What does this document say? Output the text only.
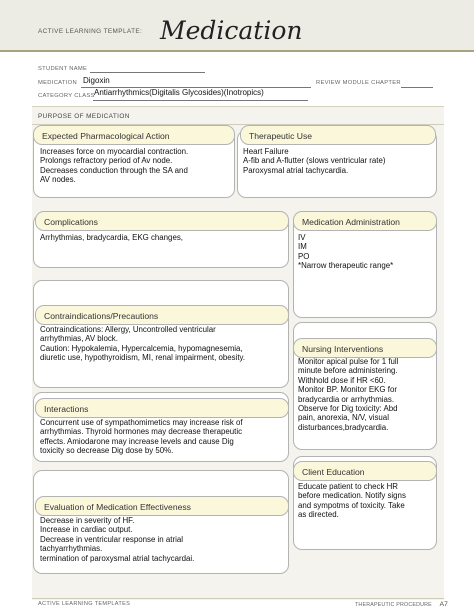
ACTIVE LEARNING TEMPLATE: Medication
STUDENT NAME
MEDICATION Digoxin	REVIEW MODULE CHAPTER
CATEGORY CLASS Antiarrhythmics(Digitalis Glycosides)(Inotropics)
PURPOSE OF MEDICATION
Expected Pharmacological Action
Increases force on myocardial contraction.
Prolongs refractory period of Av node.
Decreases conduction through the SA and
AV nodes.
Therapeutic Use
Heart Failure
A-fib and A-flutter (slows ventricular rate)
Paroxysmal atrial tachycardia.
Complications
Arrhythmias, bradycardia, EKG changes,
Medication Administration
IV
IM
PO
*Narrow therapeutic range*
Contraindications/Precautions
Contraindications: Allergy, Uncontrolled ventricular
arrhythmias, AV block.
Caution: Hypokalemia, Hypercalcemia, hypomagnesemia,
diuretic use, hypothyroidism, MI, renal impairment, obesity.
Nursing Interventions
Monitor apical pulse for 1 full
minute before administering.
Withhold dose if HR <60.
Monitor BP. Monitor EKG for
bradycardia or arrhythmias.
Observe for Dig toxicity: Abd
pain, anorexia, N/V, visual
disturbances,bradycardia.
Interactions
Concurrent use of sympathomimetics may increase risk of
arrhythmias. Thyroid hormones may decrease therapeutic
effects. Amiodarone may increase levels and cause Dig
toxicity so decrease Dig dose by 50%.
Client Education
Educate patient to check HR
before medication. Notify signs
and sympotms of toxicity. Take
as directed.
Evaluation of Medication Effectiveness
Decrease in severity of HF.
Increase in cardiac output.
Decrease in ventricular response in atrial
tachyarrhythmias.
termination of paroxysmal atrial tachycardai.
ACTIVE LEARNING TEMPLATES	THERAPEUTIC PROCEDURE A7
